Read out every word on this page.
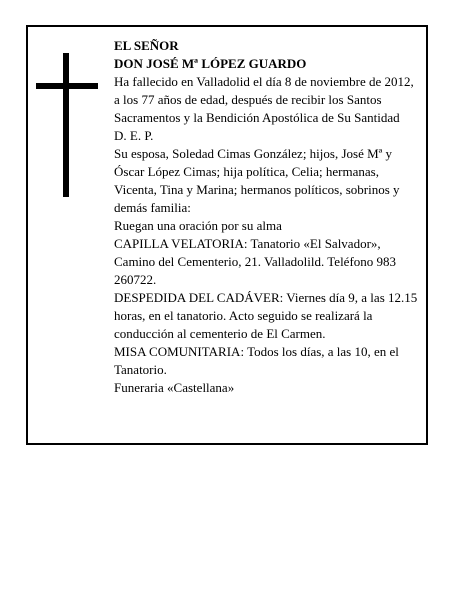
EL SEÑOR

DON JOSÉ Mª LÓPEZ GUARDO

Ha fallecido en Valladolid el día 8 de noviembre de 2012, a los 77 años de edad, después de recibir los Santos Sacramentos y la Bendición Apostólica de Su Santidad

D. E. P.

Su esposa, Soledad Cimas González; hijos, José Mª y Óscar López Cimas; hija política, Celia; hermanas, Vicenta, Tina y Marina; hermanos políticos, sobrinos y demás familia:

Ruegan una oración por su alma

CAPILLA VELATORIA: Tanatorio «El Salvador», Camino del Cementerio, 21. Valladolild. Teléfono 983 260722.

DESPEDIDA DEL CADÁVER: Viernes día 9, a las 12.15 horas, en el tanatorio. Acto seguido se realizará la conducción al cementerio de El Carmen.

MISA COMUNITARIA: Todos los días, a las 10, en el Tanatorio.

Funeraria «Castellana»
